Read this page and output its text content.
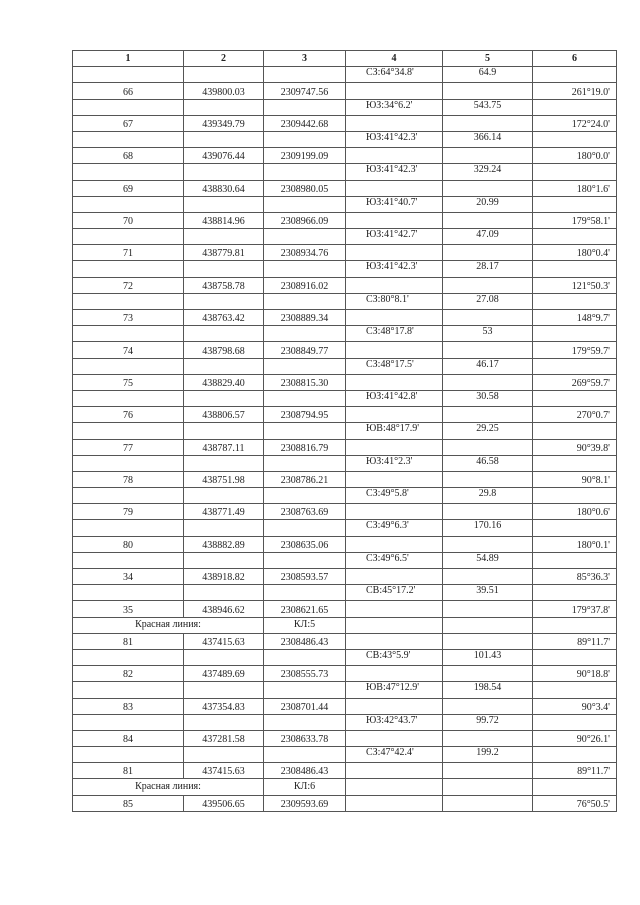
1	2	3	4	5	6
			СЗ:64°34.8'	64.9	
66	439800.03	2309747.56			261°19.0'
			ЮЗ:34°6.2'	543.75	
67	439349.79	2309442.68			172°24.0'
			ЮЗ:41°42.3'	366.14	
68	439076.44	2309199.09			180°0.0'
			ЮЗ:41°42.3'	329.24	
69	438830.64	2308980.05			180°1.6'
			ЮЗ:41°40.7'	20.99	
70	438814.96	2308966.09			179°58.1'
			ЮЗ:41°42.7'	47.09	
71	438779.81	2308934.76			180°0.4'
			ЮЗ:41°42.3'	28.17	
72	438758.78	2308916.02			121°50.3'
			СЗ:80°8.1'	27.08	
73	438763.42	2308889.34			148°9.7'
			СЗ:48°17.8'	53	
74	438798.68	2308849.77			179°59.7'
			СЗ:48°17.5'	46.17	
75	438829.40	2308815.30			269°59.7'
			ЮЗ:41°42.8'	30.58	
76	438806.57	2308794.95			270°0.7'
			ЮВ:48°17.9'	29.25	
77	438787.11	2308816.79			90°39.8'
			ЮЗ:41°2.3'	46.58	
78	438751.98	2308786.21			90°8.1'
			СЗ:49°5.8'	29.8	
79	438771.49	2308763.69			180°0.6'
			СЗ:49°6.3'	170.16	
80	438882.89	2308635.06			180°0.1'
			СЗ:49°6.5'	54.89	
34	438918.82	2308593.57			85°36.3'
			СВ:45°17.2'	39.51	
35	438946.62	2308621.65			179°37.8'
Красная линия:		КЛ:5			
81	437415.63	2308486.43			89°11.7'
			СВ:43°5.9'	101.43	
82	437489.69	2308555.73			90°18.8'
			ЮВ:47°12.9'	198.54	
83	437354.83	2308701.44			90°3.4'
			ЮЗ:42°43.7'	99.72	
84	437281.58	2308633.78			90°26.1'
			СЗ:47°42.4'	199.2	
81	437415.63	2308486.43			89°11.7'
Красная линия:		КЛ:6			
85	439506.65	2309593.69			76°50.5'
